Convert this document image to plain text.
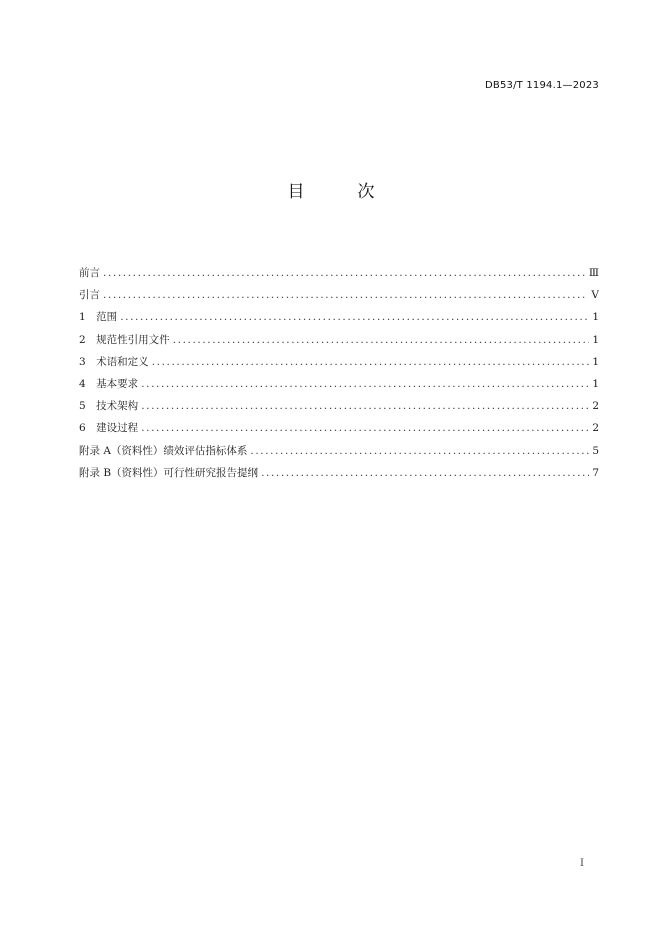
DB53/T 1194.1—2023
目　次
前言 .....	Ⅲ
引言 .....	Ⅴ
1　范围 .....	1
2　规范性引用文件 .....	1
3　术语和定义 .....	1
4　基本要求 .....	1
5　技术架构 .....	2
6　建设过程 .....	2
附录 A（资料性）绩效评估指标体系 .....	5
附录 B（资料性）可行性研究报告提纲 .....	7
I
